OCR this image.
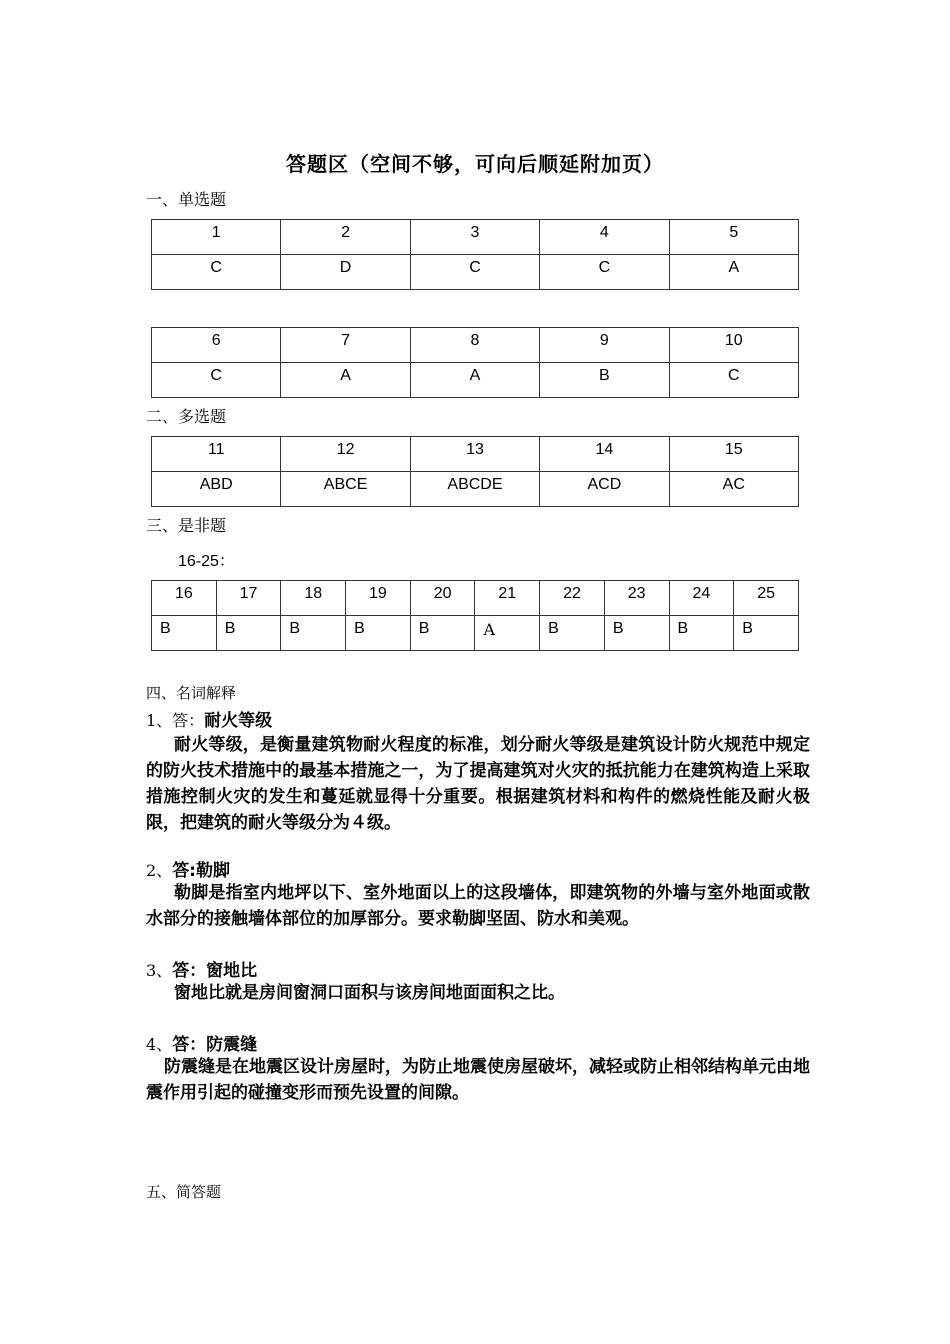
答题区（空间不够，可向后顺延附加页）
一、单选题
1	2	3	4	5
C	D	C	C	A
6	7	8	9	10
C	A	A	B	C
二、多选题
11	12	13	14	15
ABD	ABCE	ABCDE	ACD	AC
三、是非题
16-25：
16	17	18	19	20	21	22	23	24	25
B	B	B	B	B	A	B	B	B	B
四、名词解释
1、答：耐火等级
耐火等级，是衡量建筑物耐火程度的标准，划分耐火等级是建筑设计防火规范中规定的防火技术措施中的最基本措施之一，为了提高建筑对火灾的抵抗能力在建筑构造上采取措施控制火灾的发生和蔓延就显得十分重要。根据建筑材料和构件的燃烧性能及耐火极限，把建筑的耐火等级分为４级。
2、答:勒脚
勒脚是指室内地坪以下、室外地面以上的这段墙体，即建筑物的外墙与室外地面或散水部分的接触墙体部位的加厚部分。要求勒脚坚固、防水和美观。
3、答：窗地比
窗地比就是房间窗洞口面积与该房间地面面积之比。
4、答：防震缝
防震缝是在地震区设计房屋时，为防止地震使房屋破坏，减轻或防止相邻结构单元由地震作用引起的碰撞变形而预先设置的间隙。
五、简答题
